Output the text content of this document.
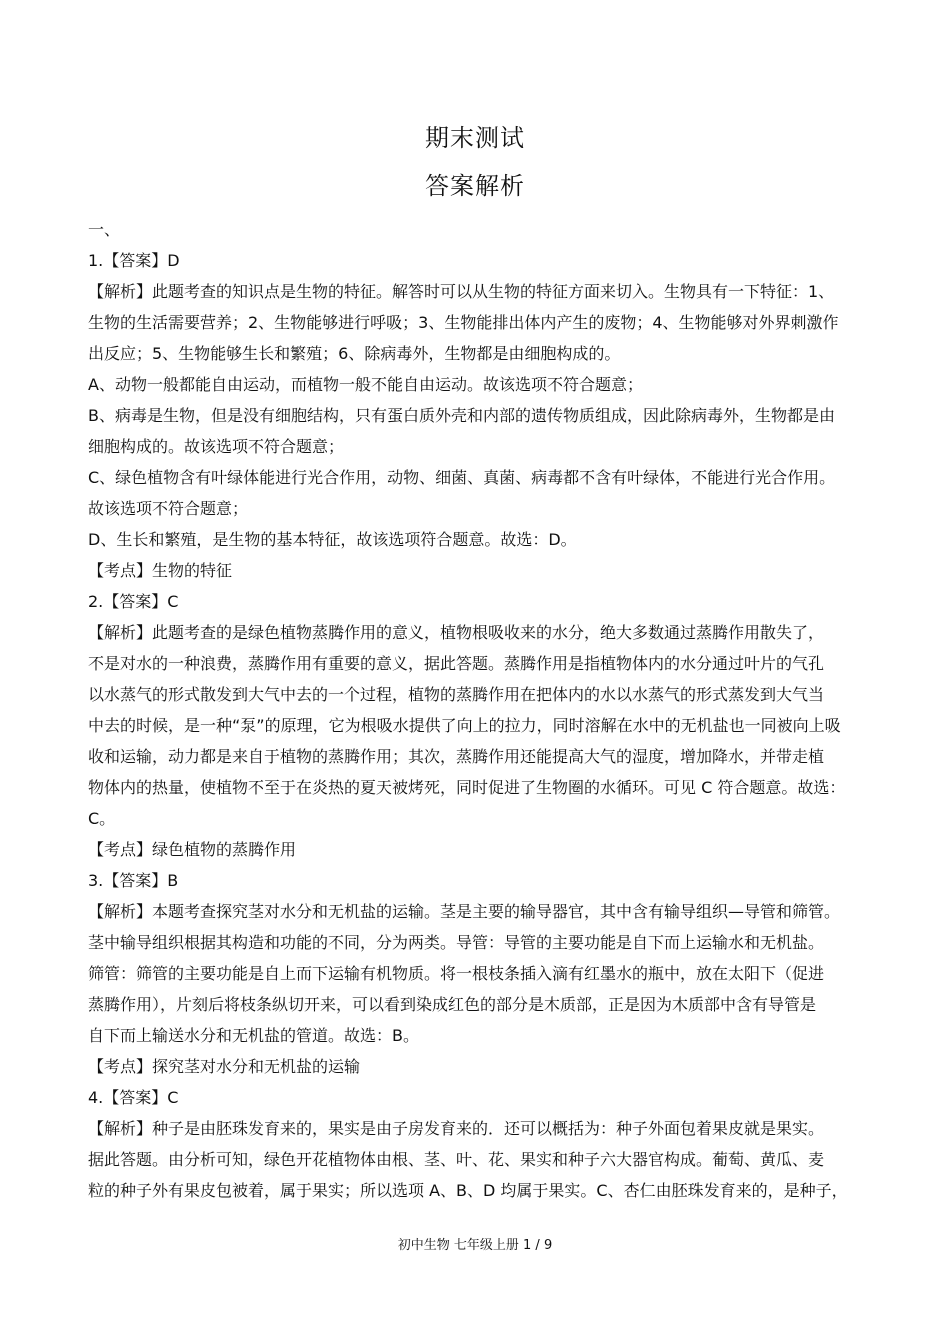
期末测试
答案解析
一、
1.【答案】D
【解析】此题考查的知识点是生物的特征。解答时可以从生物的特征方面来切入。生物具有一下特征：1、
生物的生活需要营养；2、生物能够进行呼吸；3、生物能排出体内产生的废物；4、生物能够对外界刺激作
出反应；5、生物能够生长和繁殖；6、除病毒外，生物都是由细胞构成的。
A、动物一般都能自由运动，而植物一般不能自由运动。故该选项不符合题意；
B、病毒是生物，但是没有细胞结构，只有蛋白质外壳和内部的遗传物质组成，因此除病毒外，生物都是由
细胞构成的。故该选项不符合题意；
C、绿色植物含有叶绿体能进行光合作用，动物、细菌、真菌、病毒都不含有叶绿体，不能进行光合作用。
故该选项不符合题意；
D、生长和繁殖，是生物的基本特征，故该选项符合题意。故选：D。
【考点】生物的特征
2.【答案】C
【解析】此题考查的是绿色植物蒸腾作用的意义，植物根吸收来的水分，绝大多数通过蒸腾作用散失了，
不是对水的一种浪费，蒸腾作用有重要的意义，据此答题。蒸腾作用是指植物体内的水分通过叶片的气孔
以水蒸气的形式散发到大气中去的一个过程，植物的蒸腾作用在把体内的水以水蒸气的形式蒸发到大气当
中去的时候，是一种“泵”的原理，它为根吸水提供了向上的拉力，同时溶解在水中的无机盐也一同被向上吸
收和运输，动力都是来自于植物的蒸腾作用；其次，蒸腾作用还能提高大气的湿度，增加降水，并带走植
物体内的热量，使植物不至于在炎热的夏天被烤死，同时促进了生物圈的水循环。可见 C 符合题意。故选：
C。
【考点】绿色植物的蒸腾作用
3.【答案】B
【解析】本题考查探究茎对水分和无机盐的运输。茎是主要的输导器官，其中含有输导组织—导管和筛管。
茎中输导组织根据其构造和功能的不同，分为两类。导管：导管的主要功能是自下而上运输水和无机盐。
筛管：筛管的主要功能是自上而下运输有机物质。将一根枝条插入滴有红墨水的瓶中，放在太阳下（促进
蒸腾作用），片刻后将枝条纵切开来，可以看到染成红色的部分是木质部，正是因为木质部中含有导管是
自下而上输送水分和无机盐的管道。故选：B。
【考点】探究茎对水分和无机盐的运输
4.【答案】C
【解析】种子是由胚珠发育来的，果实是由子房发育来的．还可以概括为：种子外面包着果皮就是果实。
据此答题。由分析可知，绿色开花植物体由根、茎、叶、花、果实和种子六大器官构成。葡萄、黄瓜、麦
粒的种子外有果皮包被着，属于果实；所以选项 A、B、D 均属于果实。C、杏仁由胚珠发育来的，是种子，
初中生物 七年级上册 1 / 9
